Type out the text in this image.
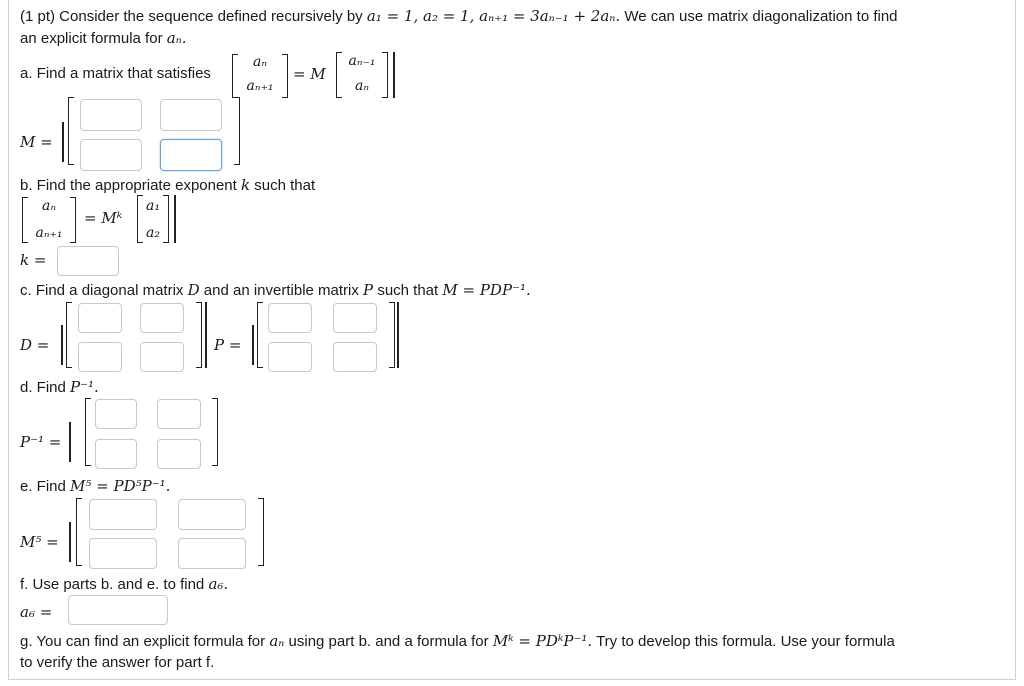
(1 pt) Consider the sequence defined recursively by a₁ = 1, a₂ = 1, aₙ₊₁ = 3aₙ₋₁ + 2aₙ. We can use matrix diagonalization to find
an explicit formula for aₙ.
a. Find a matrix that satisfies
aₙ
aₙ₊₁
= M
aₙ₋₁
aₙ
M =
b. Find the appropriate exponent k such that
aₙ
aₙ₊₁
= Mᵏ
a₁
a₂
k =
c. Find a diagonal matrix D and an invertible matrix P such that M = PDP⁻¹.
D =	P =
d. Find P⁻¹.
P⁻¹ =
e. Find M⁵ = PD⁵P⁻¹.
M⁵ =
f. Use parts b. and e. to find a₆.
a₆ =
g. You can find an explicit formula for aₙ using part b. and a formula for Mᵏ = PDᵏP⁻¹. Try to develop this formula. Use your formula
to verify the answer for part f.
